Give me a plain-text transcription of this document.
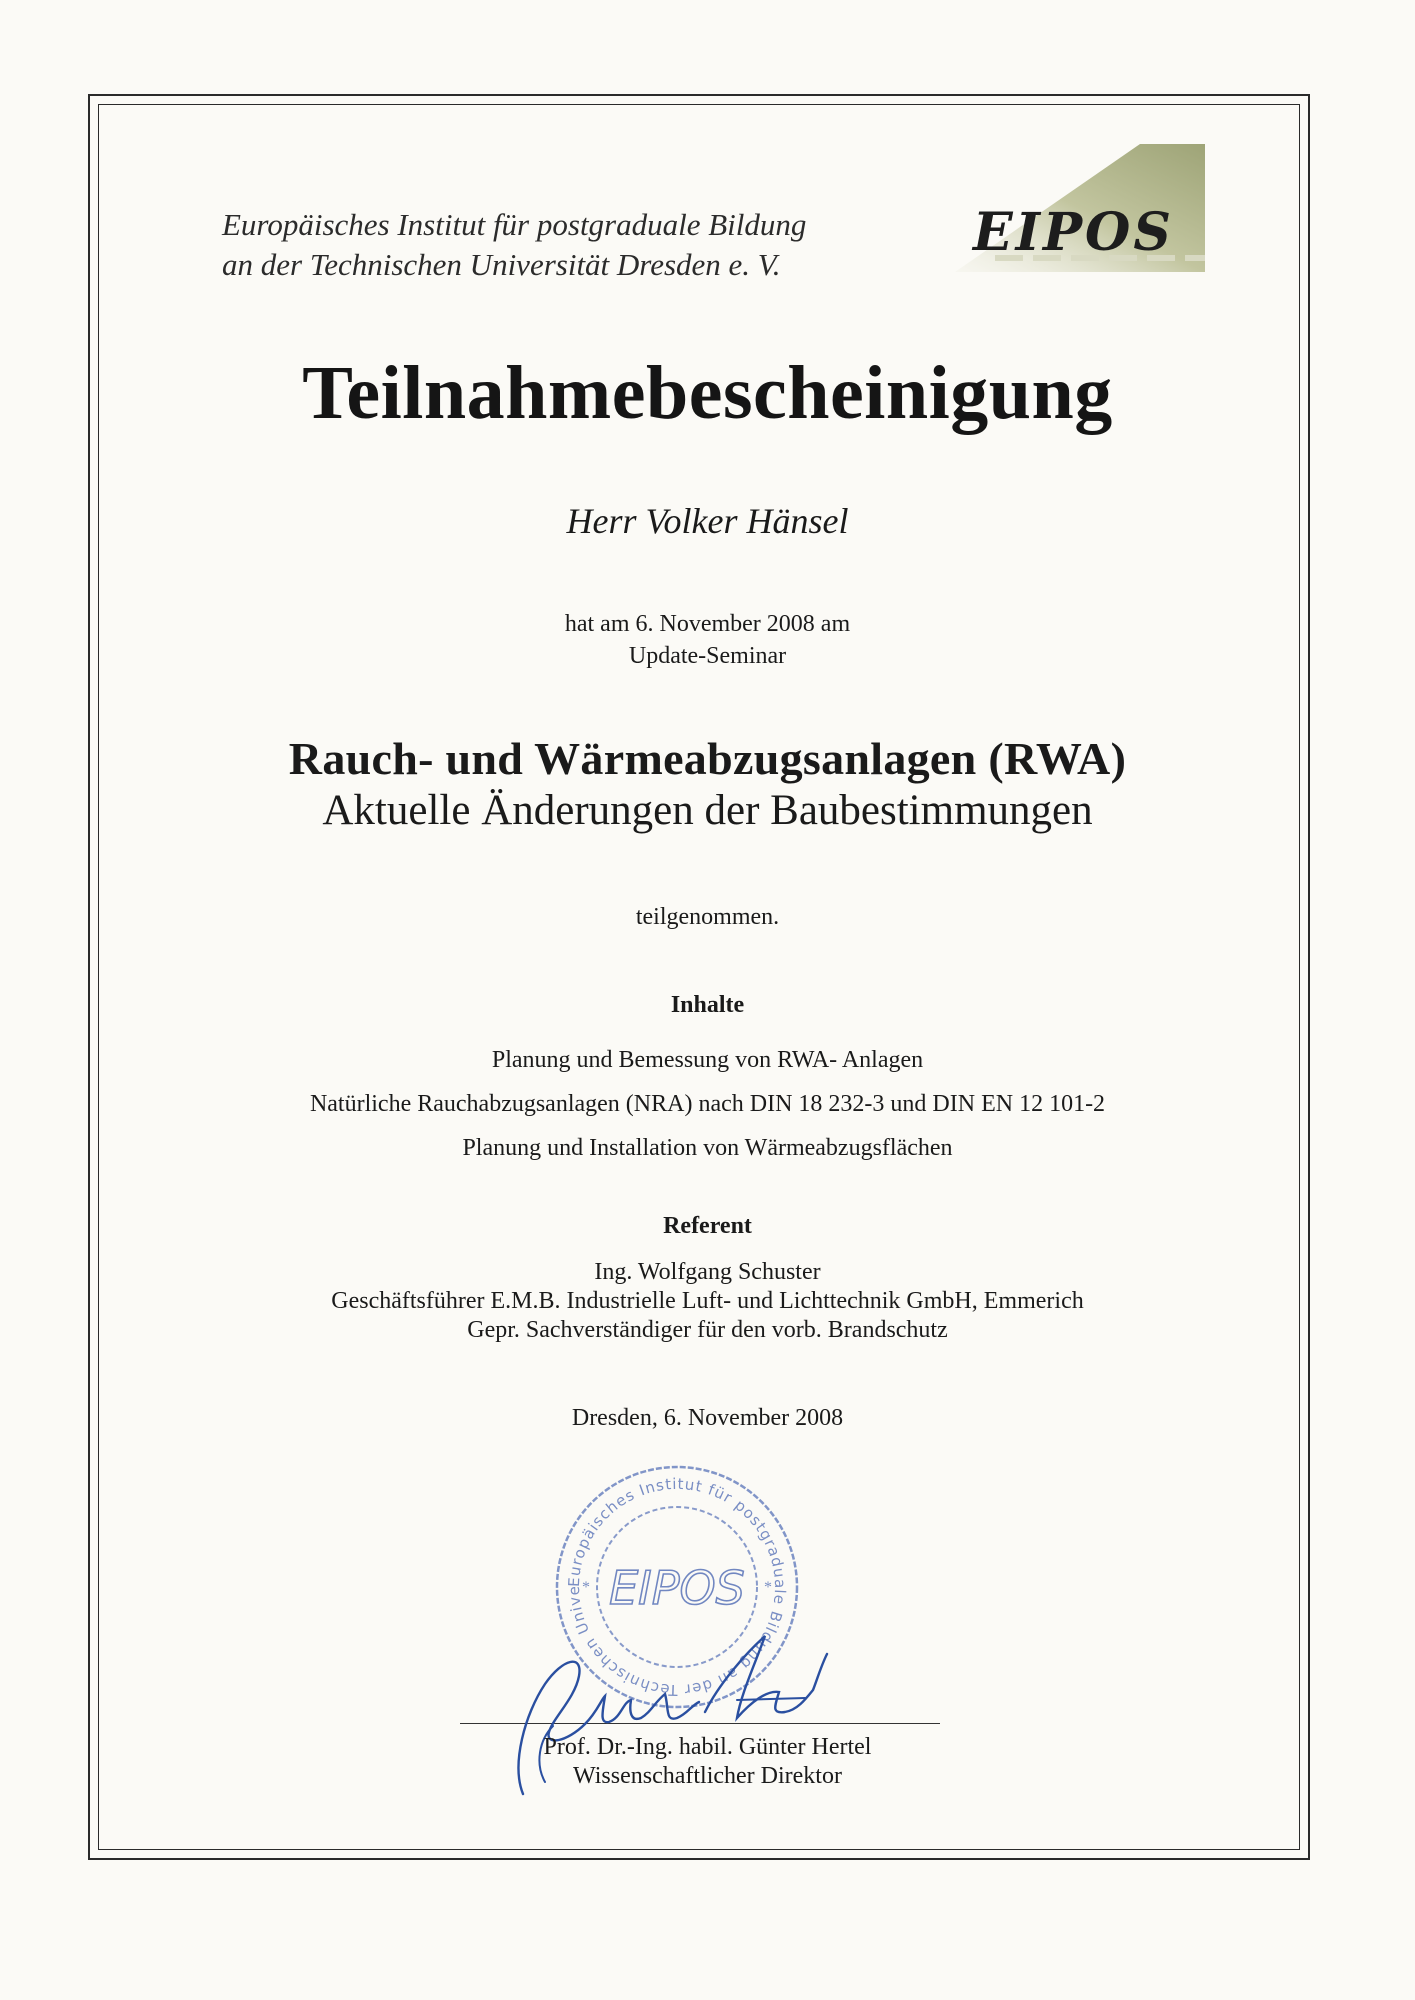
Europäisches Institut für postgraduale Bildung
an der Technischen Universität Dresden e. V.
EIPOS
Teilnahmebescheinigung
Herr Volker Hänsel
hat am 6. November 2008 am
Update-Seminar
Rauch- und Wärmeabzugsanlagen (RWA)
Aktuelle Änderungen der Baubestimmungen
teilgenommen.
Inhalte
Planung und Bemessung von RWA- Anlagen
Natürliche Rauchabzugsanlagen (NRA) nach DIN 18 232-3 und DIN EN 12 101-2
Planung und Installation von Wärmeabzugsflächen
Referent
Ing. Wolfgang Schuster
Geschäftsführer E.M.B. Industrielle Luft- und Lichttechnik GmbH, Emmerich
Gepr. Sachverständiger für den vorb. Brandschutz
Dresden, 6. November 2008
Europäisches Institut für postgraduale Bildung an der Technischen Unive EIPOS
*	*
Prof. Dr.-Ing. habil. Günter Hertel
Wissenschaftlicher Direktor
